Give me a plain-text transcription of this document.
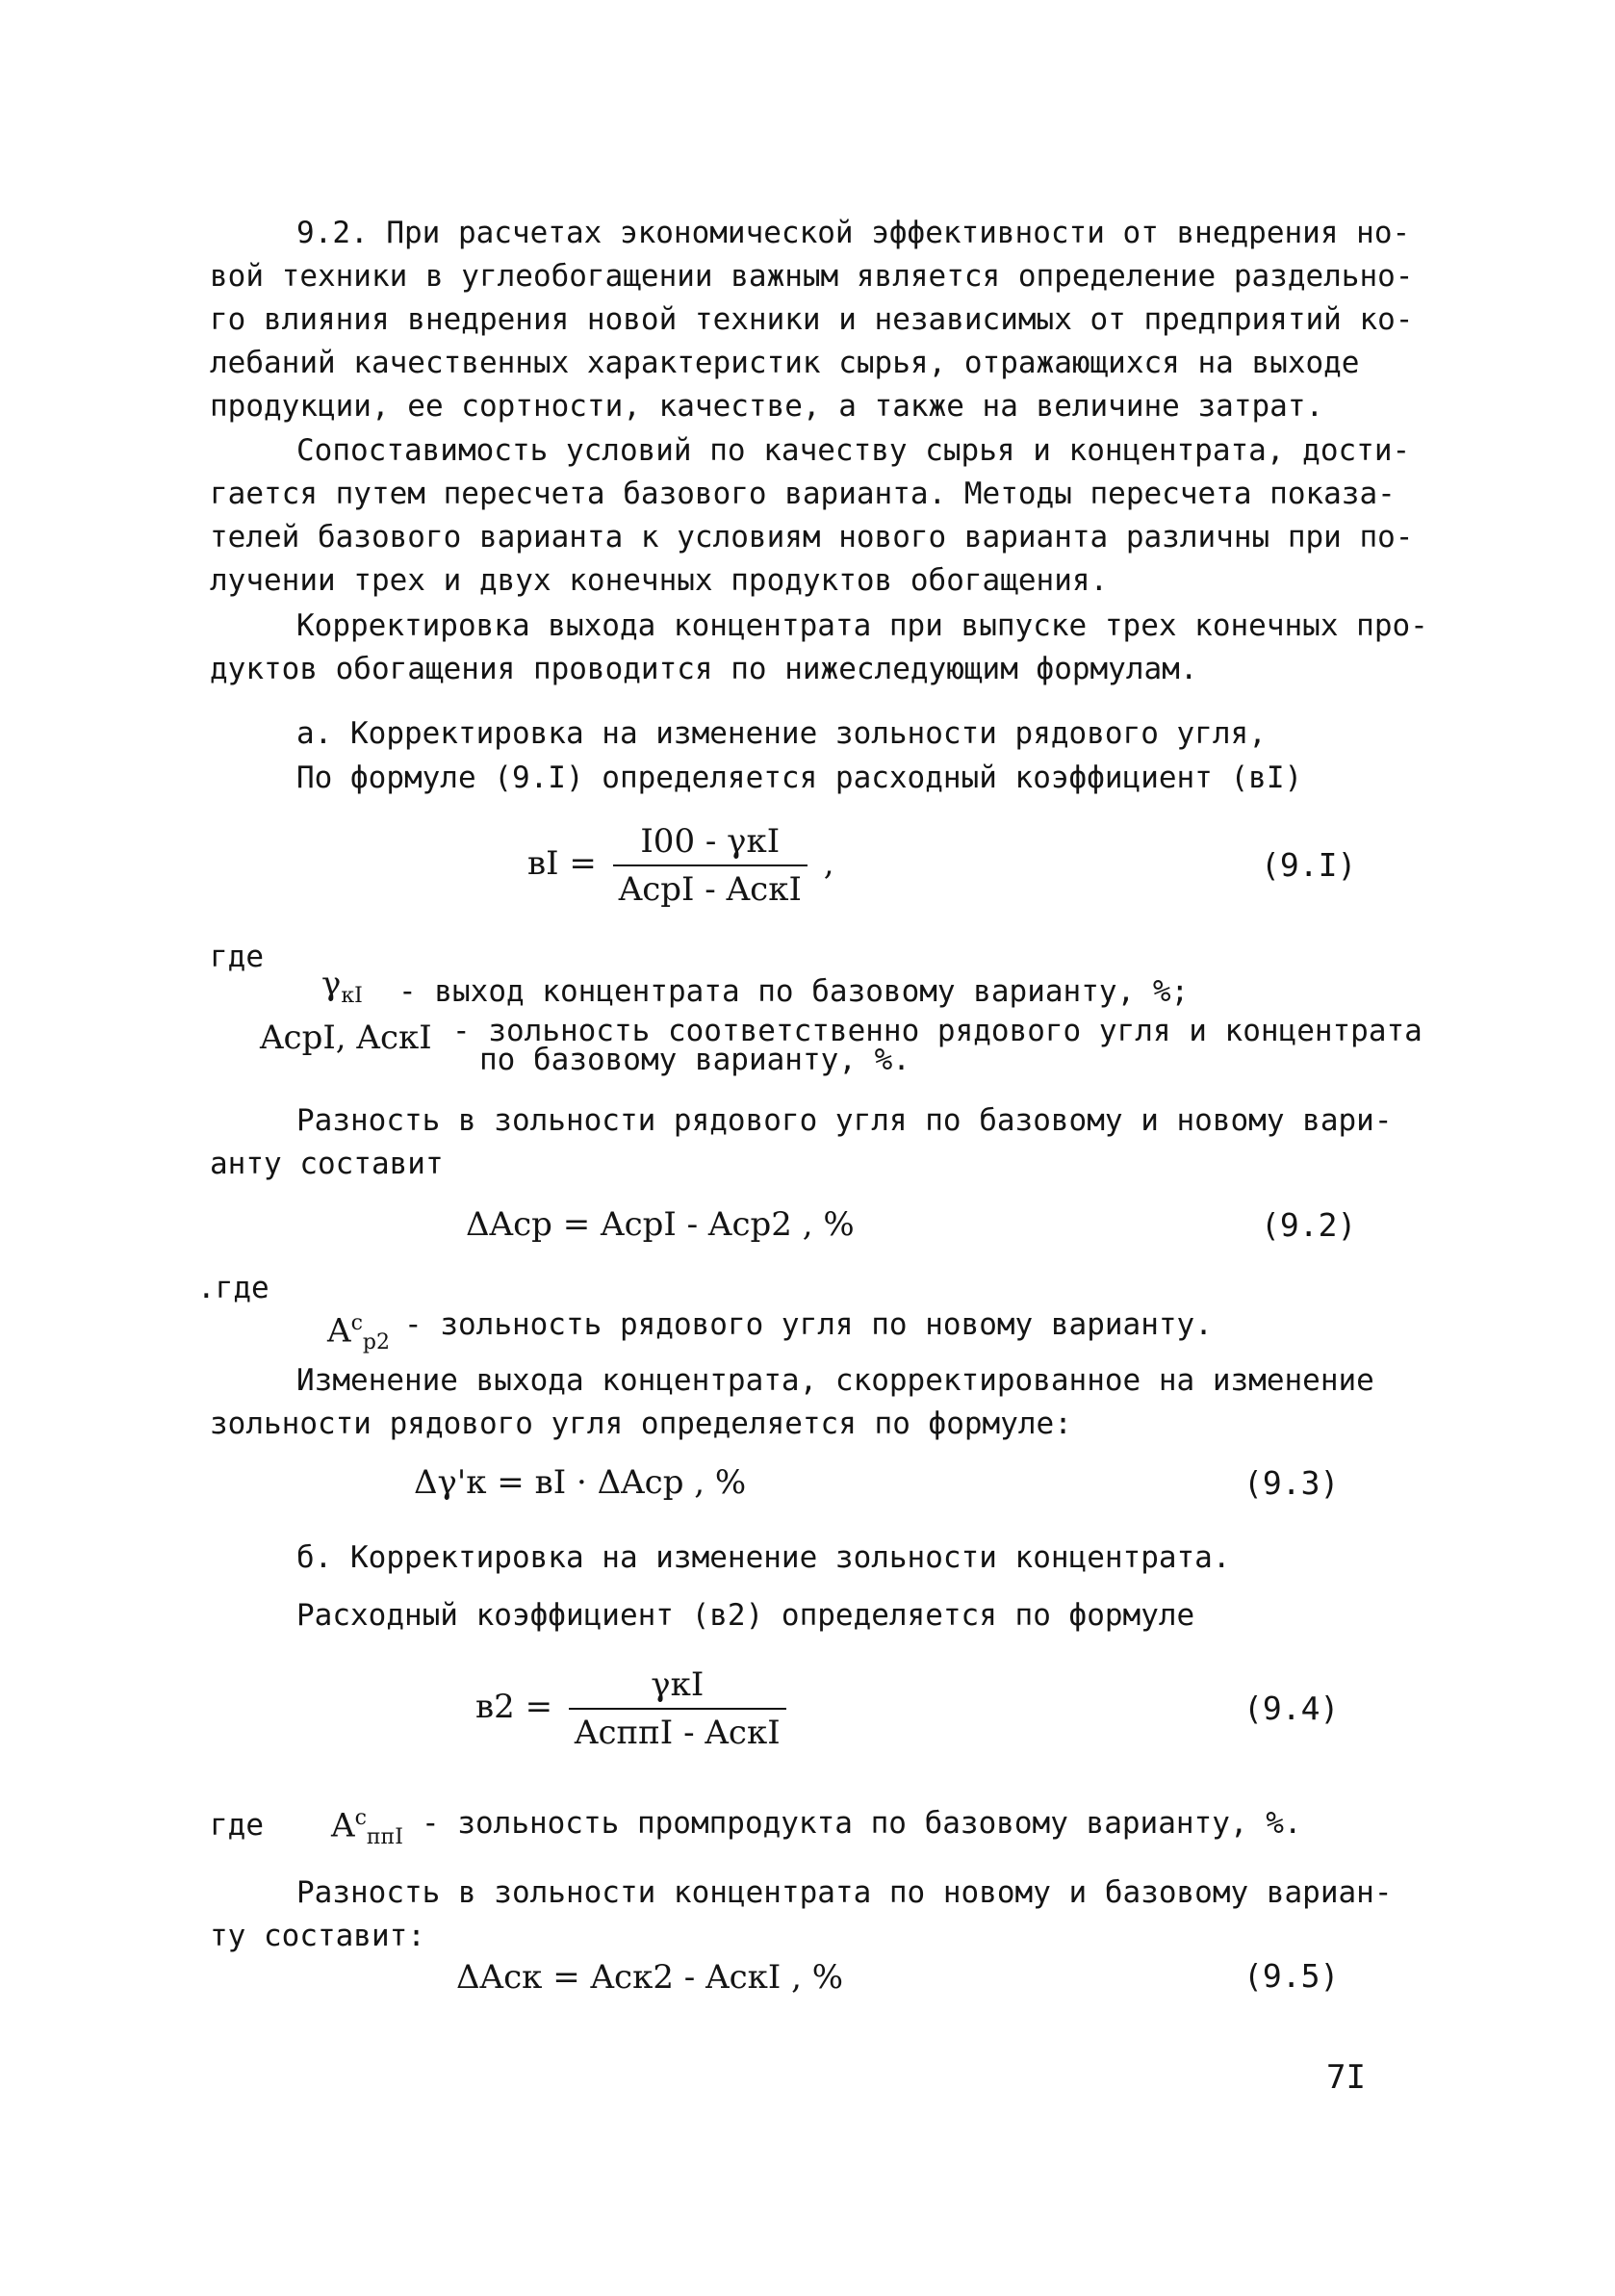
9.2. При расчетах экономической эффективности от внедрения но-
вой техники в углеобогащении важным является определение раздельно-
го влияния внедрения новой техники и независимых от предприятий ко-
лебаний качественных характеристик сырья, отражающихся на выходе
продукции, ее сортности, качестве, а также на величине затрат.
Сопоставимость условий по качеству сырья и концентрата, дости-
гается путем пересчета базового варианта. Методы пересчета показа-
телей базового варианта к условиям нового варианта различны при по-
лучении трех и двух конечных продуктов обогащения.
Корректировка выхода концентрата при выпуске трех конечных про-
дуктов обогащения проводится по нижеследующим формулам.
а. Корректировка на изменение зольности рядового угля,
По формуле (9.I) определяется расходный коэффициент (вI)
вI = $\frac{\text{I00 - γкI}}{\text{AcpI - AcкI}}$ ,	(9.I)
где
$\gamma_{кI}$ - выход концентрата по базовому варианту, %;
AcpI, AcкI - зольность соответственно рядового угля и концентрата
по базовому варианту, %.
Разность в зольности рядового угля по базовому и новому вари-
анту составит
ΔAcp = AcpI - Acp2 , %	(9.2)
.где
$A^c_{p2}$
- зольность рядового угля по новому варианту.
Изменение выхода концентрата, скорректированное на изменение
зольности рядового угля определяется по формуле:
Δγ'к = вI · ΔAcp , %	(9.3)
б. Корректировка на изменение зольности концентрата.
Расходный коэффициент (в2) определяется по формуле
$в2 = \frac{\text{γкI}}{\text{AcппI - AcкI}}$	(9.4)
где $A^c_{ппI}$ - зольность промпродукта по базовому варианту, %.
Разность в зольности концентрата по новому и базовому вариан-
ту составит:
ΔAcк = Acк2 - AcкI , %	(9.5)
7I
